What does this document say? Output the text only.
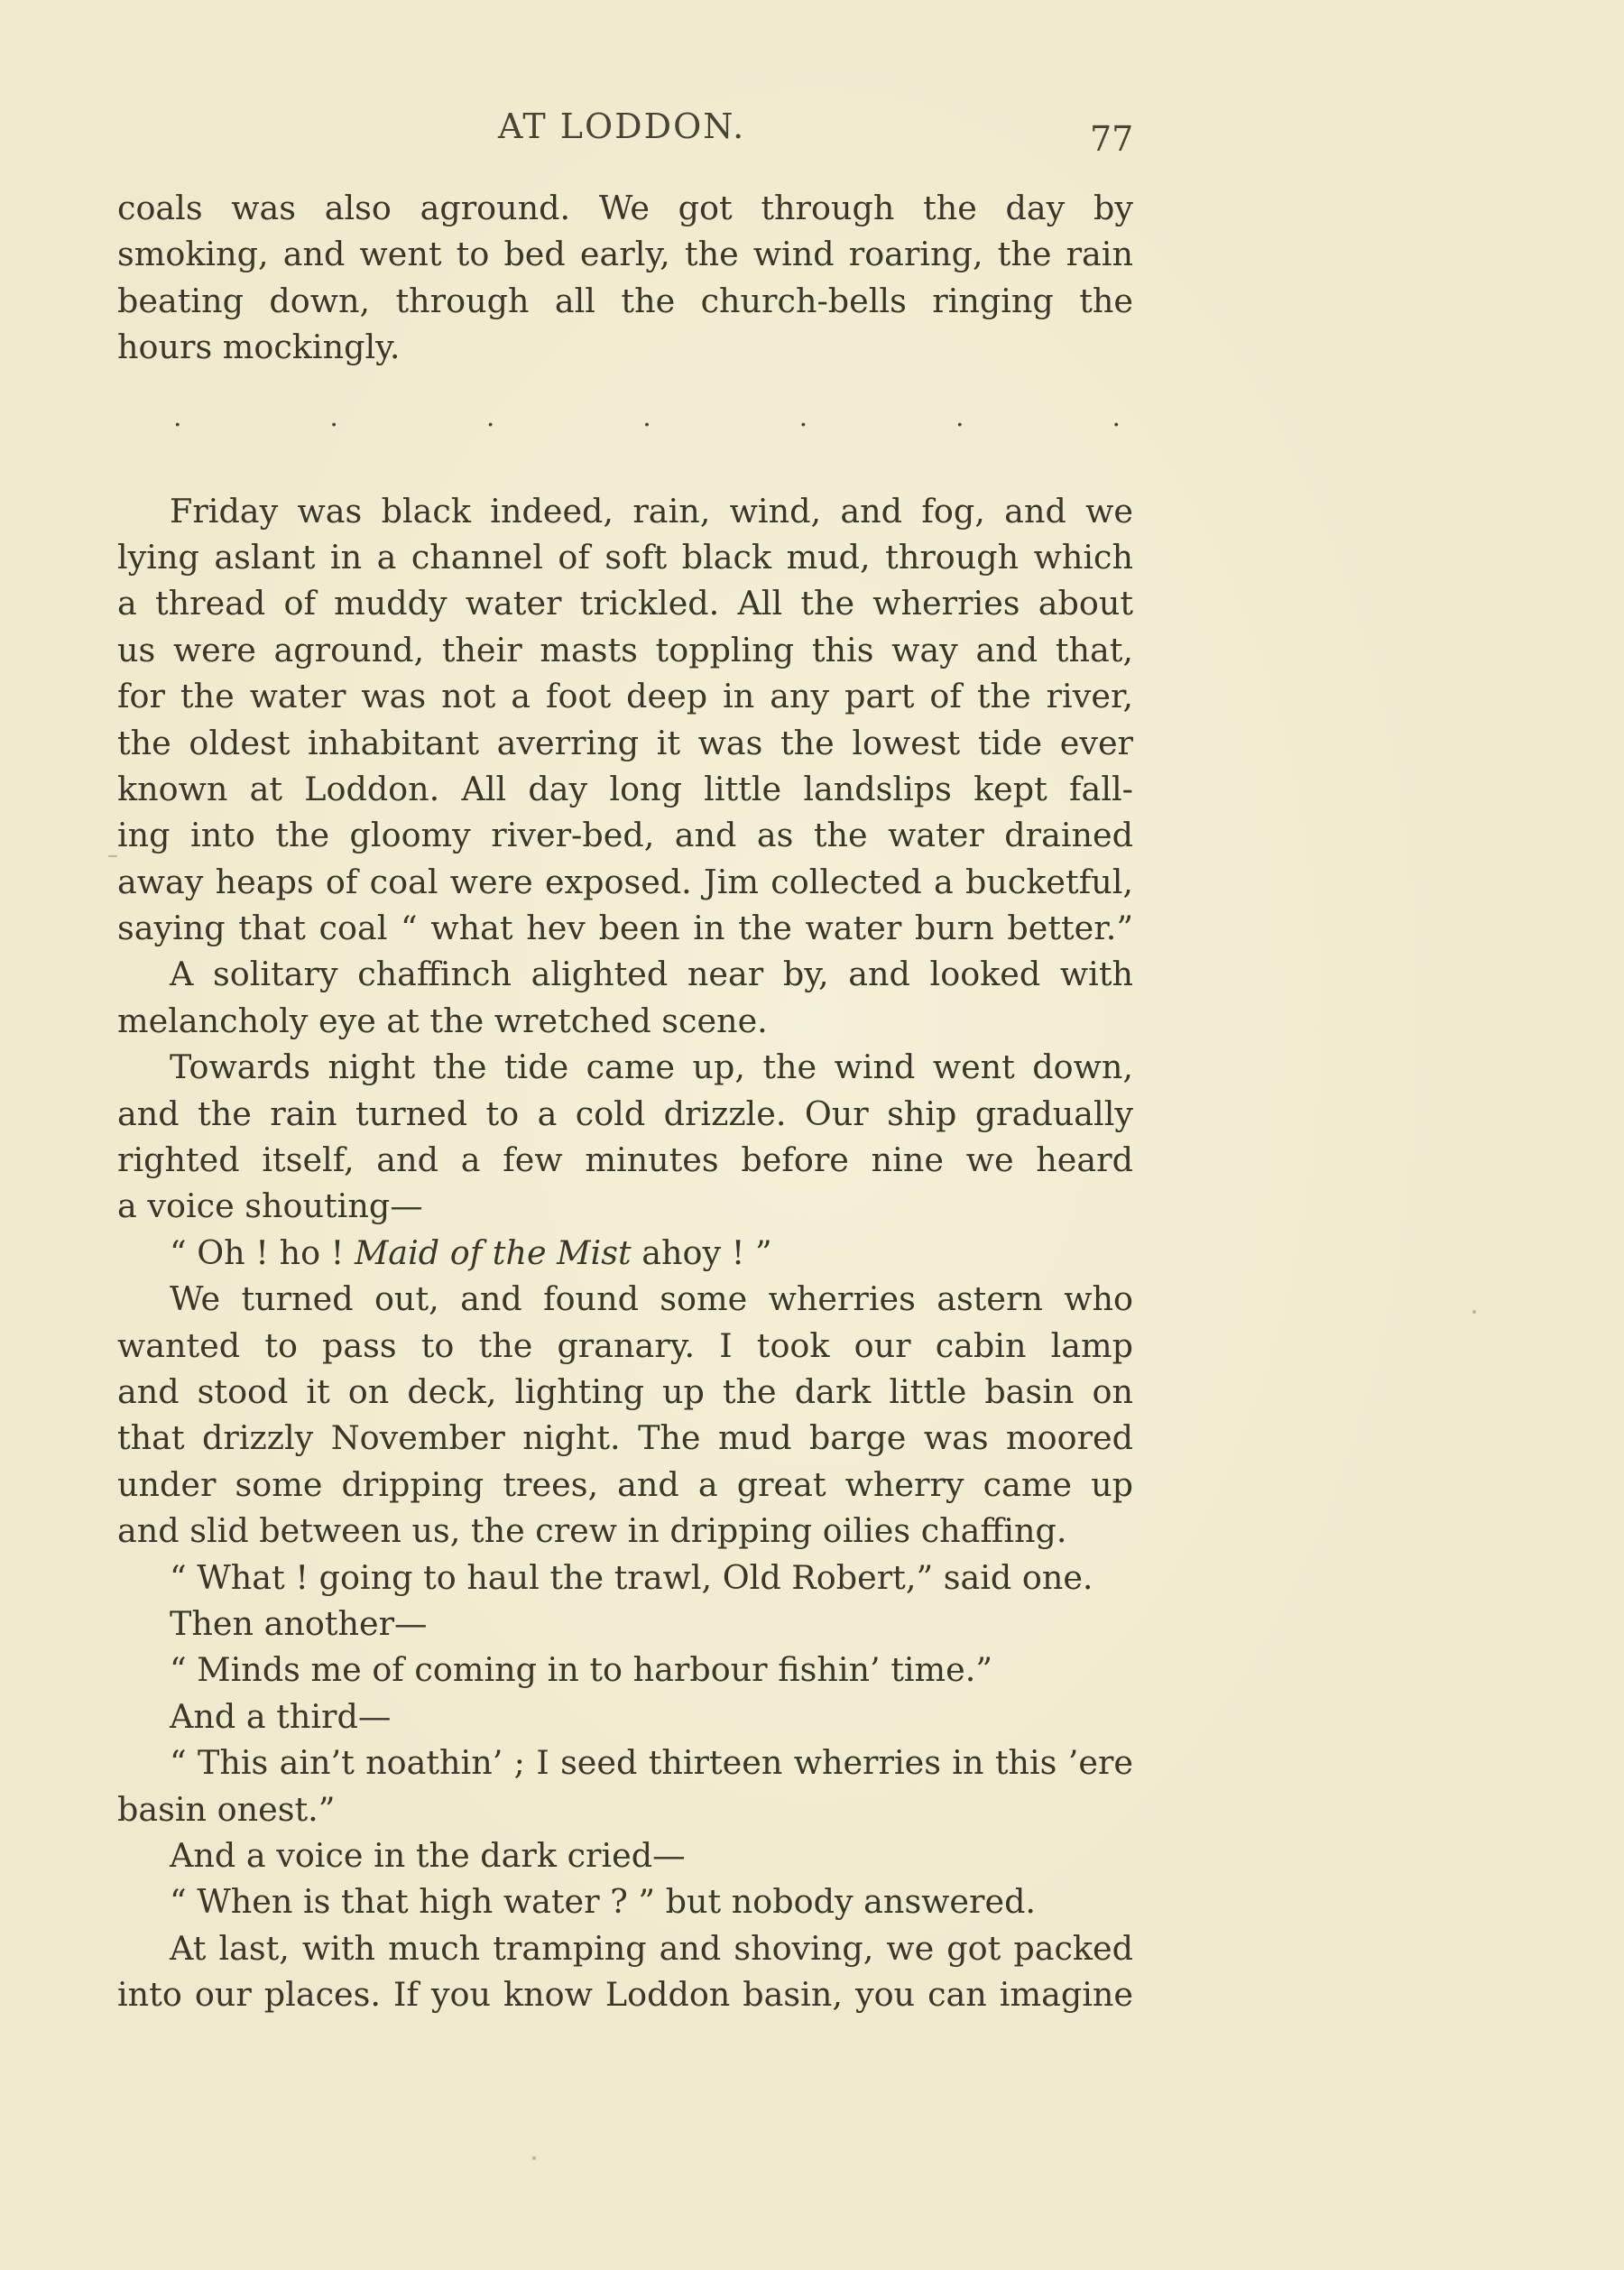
AT LODDON.	77
coals was also aground. We got through the day by
smoking, and went to bed early, the wind roaring, the rain
beating down, through all the church-bells ringing the
hours mockingly.
.	.	.	.	.	.	.
Friday was black indeed, rain, wind, and fog, and we
lying aslant in a channel of soft black mud, through which
a thread of muddy water trickled. All the wherries about
us were aground, their masts toppling this way and that,
for the water was not a foot deep in any part of the river,
the oldest inhabitant averring it was the lowest tide ever
known at Loddon. All day long little landslips kept fall-
ing into the gloomy river-bed, and as the water drained
away heaps of coal were exposed. Jim collected a bucketful,
saying that coal “ what hev been in the water burn better.”
A solitary chaffinch alighted near by, and looked with
melancholy eye at the wretched scene.
Towards night the tide came up, the wind went down,
and the rain turned to a cold drizzle. Our ship gradually
righted itself, and a few minutes before nine we heard
a voice shouting—
“ Oh ! ho ! Maid of the Mist ahoy ! ”
We turned out, and found some wherries astern who
wanted to pass to the granary. I took our cabin lamp
and stood it on deck, lighting up the dark little basin on
that drizzly November night. The mud barge was moored
under some dripping trees, and a great wherry came up
and slid between us, the crew in dripping oilies chaffing.
“ What ! going to haul the trawl, Old Robert,” said one.
Then another—
“ Minds me of coming in to harbour fishin’ time.”
And a third—
“ This ain’t noathin’ ; I seed thirteen wherries in this ’ere
basin onest.”
And a voice in the dark cried—
“ When is that high water ? ” but nobody answered.
At last, with much tramping and shoving, we got packed
into our places. If you know Loddon basin, you can imagine
